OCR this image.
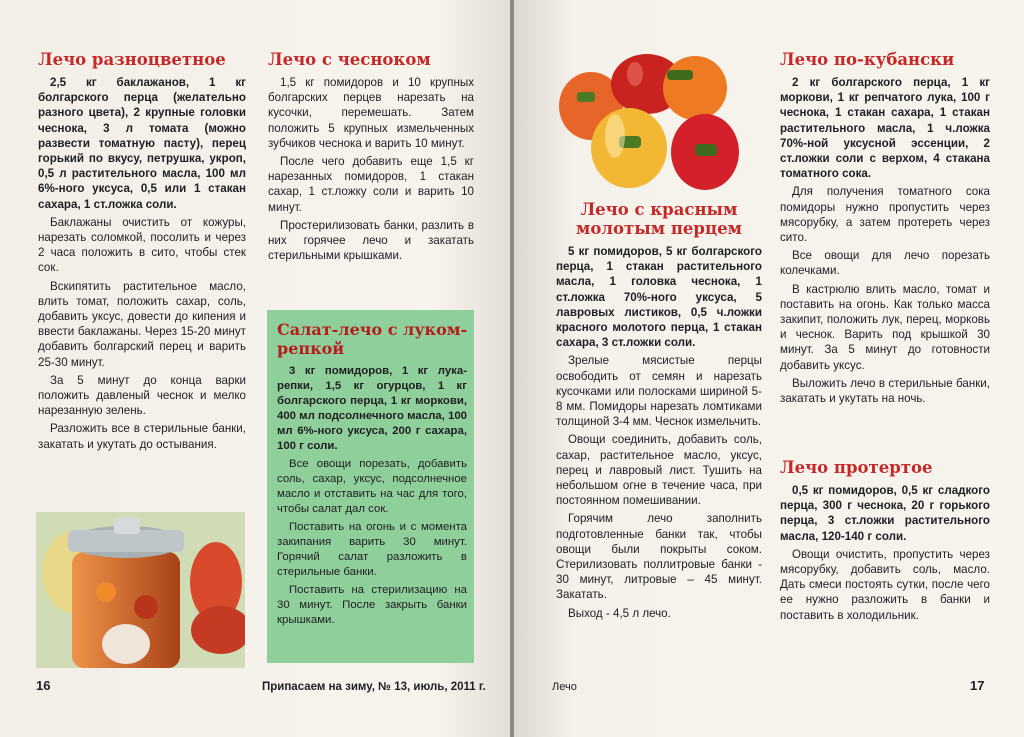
Лечо разноцветное

2,5 кг баклажанов, 1 кг болгарского перца (желательно разного цвета), 2 крупные головки чеснока, 3 л томата (можно развести томатную пасту), перец горький по вкусу, петрушка, укроп, 0,5 л растительного масла, 100 мл 6%-ного уксуса, 0,5 или 1 стакан сахара, 1 ст.ложка соли.

Баклажаны очистить от кожуры, нарезать соломкой, посолить и через 2 часа положить в сито, чтобы стек сок.

Вскипятить растительное масло, влить томат, положить сахар, соль, добавить уксус, довести до кипения и ввести баклажаны. Через 15-20 минут добавить болгарский перец и варить 25-30 минут.

За 5 минут до конца варки положить давленый чеснок и мелко нарезанную зелень.

Разложить все в стерильные банки, закатать и укутать до остывания.

Лечо с чесноком

1,5 кг помидоров и 10 крупных болгарских перцев нарезать на кусочки, перемешать. Затем положить 5 крупных измельченных зубчиков чеснока и варить 10 минут.

После чего добавить еще 1,5 кг нарезанных помидоров, 1 стакан сахар, 1 ст.ложку соли и варить 10 минут.

Простерилизовать банки, разлить в них горячее лечо и закатать стерильными крышками.

Салат-лечо с луком-репкой

3 кг помидоров, 1 кг лука-репки, 1,5 кг огурцов, 1 кг болгарского перца, 1 кг моркови, 400 мл подсолнечного масла, 100 мл 6%-ного уксуса, 200 г сахара, 100 г соли.

Все овощи порезать, добавить соль, сахар, уксус, подсолнечное масло и отставить на час для того, чтобы салат дал сок.

Поставить на огонь и с момента закипания варить 30 минут. Горячий салат разложить в стерильные банки.

Поставить на стерилизацию на 30 минут. После закрыть банки крышками.

16	Припасаем на зиму, № 13, июль, 2011 г.	17
Лечо с красным молотым перцем

5 кг помидоров, 5 кг болгарского перца, 1 стакан растительного масла, 1 головка чеснока, 1 ст.ложка 70%-ного уксуса, 5 лавровых листиков, 0,5 ч.ложки красного молотого перца, 1 стакан сахара, 3 ст.ложки соли.

Зрелые мясистые перцы освободить от семян и нарезать кусочками или полосками шириной 5-8 мм. Помидоры нарезать ломтиками толщиной 3-4 мм. Чеснок измельчить.

Овощи соединить, добавить соль, сахар, растительное масло, уксус, перец и лавровый лист. Тушить на небольшом огне в течение часа, при постоянном помешивании.

Горячим лечо заполнить подготовленные банки так, чтобы овощи были покрыты соком. Стерилизовать поллитровые банки - 30 минут, литровые – 45 минут. Закатать.

Выход - 4,5 л лечо.

Лечо по-кубански

2 кг болгарского перца, 1 кг моркови, 1 кг репчатого лука, 100 г чеснока, 1 стакан сахара, 1 стакан растительного масла, 1 ч.ложка 70%-ной уксусной эссенции, 2 ст.ложки соли с верхом, 4 стакана томатного сока.

Для получения томатного сока помидоры нужно пропустить через мясорубку, а затем протереть через сито.

Все овощи для лечо порезать колечками.

В кастрюлю влить масло, томат и поставить на огонь. Как только масса закипит, положить лук, перец, морковь и чеснок. Варить под крышкой 30 минут. За 5 минут до готовности добавить уксус.

Выложить лечо в стерильные банки, закатать и укутать на ночь.

Лечо протертое

0,5 кг помидоров, 0,5 кг сладкого перца, 300 г чеснока, 20 г горького перца, 3 ст.ложки растительного масла, 120-140 г соли.

Овощи очистить, пропустить через мясорубку, добавить соль, масло. Дать смеси постоять сутки, после чего ее нужно разложить в банки и поставить в холодильник.

Лечо
